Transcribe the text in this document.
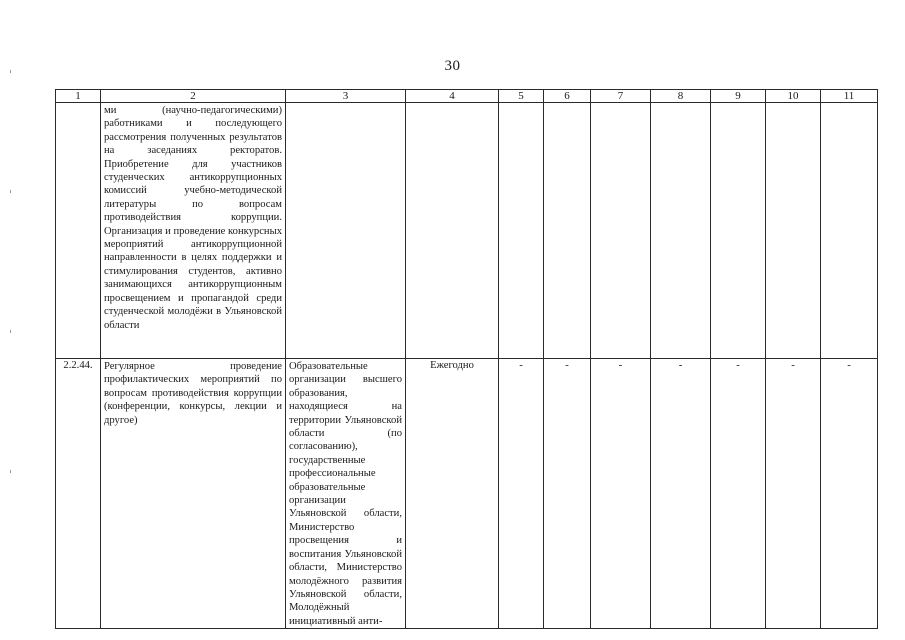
30
1	2	3	4	5	6	7	8	9	10	11

	ми (научно-педагогическими) работниками и последующего рассмотрения полученных результатов на заседаниях ректоратов. Приобретение для участников студенческих антикоррупционных комиссий учебно-методической литературы по вопросам противодействия коррупции. Организация и проведение конкурсных мероприятий антикоррупционной направленности в целях поддержки и стимулирования студентов, активно занимающихся антикоррупционным просвещением и пропагандой среди студенческой молодёжи в Ульяновской области									

2.2.44.	Регулярное проведение профилактических мероприятий по вопросам противодействия коррупции (конференции, конкурсы, лекции и другое)	Образовательные организации высшего образования, находящиеся на территории Ульяновской области (по согласованию), государственные профессиональные образовательные организации Ульяновской области, Министерство просвещения и воспитания Ульяновской области, Министерство молодёжного развития Ульяновской области, Молодёжный инициативный анти-	Ежегодно	-	-	-	-	-	-	-
